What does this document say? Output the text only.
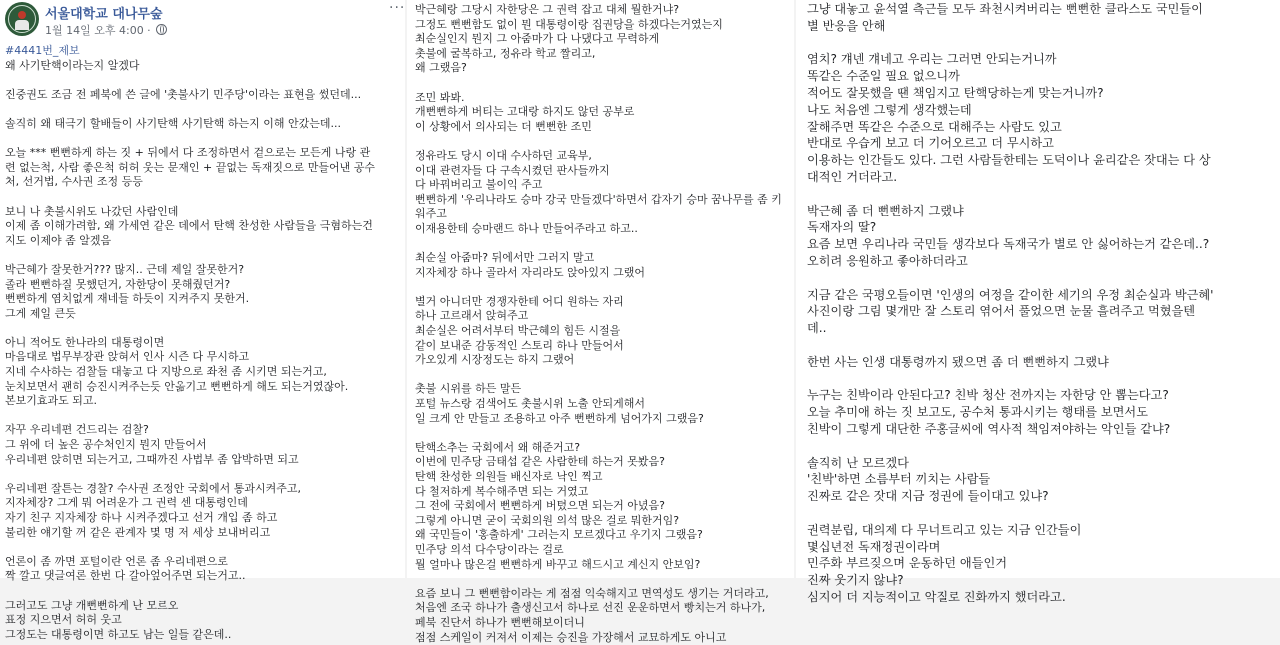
서울대학교 대나무숲
1월 14일 오후 4:00 ·
···
#4441번_제보
왜 사기탄핵이라는지 알겠다
진중권도 조금 전 페북에 쓴 글에 '촛불사기 민주당'이라는 표현을 썼던데...
솔직히 왜 태극기 할배들이 사기탄핵 사기탄핵 하는지 이해 안갔는데...
오늘 *** 뻔뻔하게 하는 짓 + 뒤에서 다 조정하면서 겉으로는 모든게 나랑 관
련 없는척, 사람 좋은척 허허 웃는 문재인 + 끝없는 독재짓으로 만들어낸 공수
처, 선거법, 수사권 조정 등등
보니 나 촛불시위도 나갔던 사람인데
이제 좀 이해가려함, 왜 가세연 같은 데에서 탄핵 찬성한 사람들을 극혐하는건
지도 이제야 좀 알겠음
박근혜가 잘못한거??? 많지.. 근데 제일 잘못한거?
졸라 뻔뻔하질 못했던거, 자한당이 못해줬던거?
뻔뻔하게 염치없게 재네들 하듯이 지켜주지 못한거.
그게 제일 큰듯
아니 적어도 한나라의 대통령이면
마음대로 법무부장관 앉혀서 인사 시즌 다 무시하고
지네 수사하는 검찰들 대놓고 다 지방으로 좌천 좀 시키면 되는거고,
눈치보면서 괜히 승진시켜주는듯 안옮기고 뻔뻔하게 해도 되는거였잖아.
본보기효과도 되고.
자꾸 우리네편 건드리는 검찰?
그 위에 더 높은 공수처인지 뭔지 만들어서
우리네편 앉히면 되는거고, 그때까진 사법부 좀 압박하면 되고
우리네편 잘튼는 경찰? 수사권 조정안 국회에서 통과시켜주고,
지자체장? 그게 뭐 어려운가 그 권력 센 대통령인데
자기 친구 지자체장 하나 시켜주겠다고 선거 개입 좀 하고
불리한 얘기할 꺼 같은 관계자 몇 명 저 세상 보내버리고
언론이 좀 까면 포털이란 언론 좀 우리네편으로
짝 깔고 댓글여론 한번 다 갈아엎어주면 되는거고..
그러고도 그냥 개뻔뻔하게 난 모르오
표정 지으면서 허허 웃고
그정도는 대통령이면 하고도 남는 일들 같은데..
박근혜랑 그당시 자한당은 그 권력 잡고 대체 뭘한거냐?
그정도 뻔뻔함도 없이 뭔 대통령이랑 집권당을 하겠다는거였는지
최순실인지 뭔지 그 아줌마가 다 나댔다고 무력하게
촛불에 굴복하고, 정유라 학교 짤리고,
왜 그랬음?
조민 봐봐.
개뻔뻔하게 버티는 고대랑 하지도 않던 공부로
이 상황에서 의사되는 더 뻔뻔한 조민
정유라도 당시 이대 수사하던 교육부,
이대 관련자들 다 구속시켰던 판사들까지
다 바꿔버리고 불이익 주고
뻔뻔하게 '우리나라도 승마 강국 만들겠다'하면서 갑자기 승마 꿈나무를 좀 키
워주고
이재용한테 승마랜드 하나 만들어주라고 하고..
최순실 아줌마? 뒤에서만 그러지 말고
지자체장 하나 골라서 자리라도 앉아있지 그랬어
별거 아니더만 경쟁자한테 어디 원하는 자리
하나 고르래서 앉혀주고
최순실은 어려서부터 박근혜의 힘든 시절을
같이 보내준 감동적인 스토리 하나 만들어서
가오있게 시장정도는 하지 그랬어
촛불 시위를 하든 말든
포털 뉴스랑 검색어도 촛불시위 노출 안되게해서
일 크게 안 만들고 조용하고 아주 뻔뻔하게 넘어가지 그랬음?
탄핵소추는 국회에서 왜 해준거고?
이번에 민주당 금태섭 같은 사람한테 하는거 못봤음?
탄핵 찬성한 의원들 배신자로 낙인 찍고
다 철저하게 복수해주면 되는 거였고
그 전에 국회에서 뻔뻔하게 버텼으면 되는거 아녔음?
그렇게 아니면 굳이 국회의원 의석 많은 걸로 뭐한거임?
왜 국민들이 '홍출하게' 그러는지 모르겠다고 우기지 그랬음?
민주당 의석 다수당이라는 걸로
뭘 얼마나 많은걸 뻔뻔하게 바꾸고 해드시고 계신지 안보임?
요즘 보니 그 뻔뻔함이라는 게 점점 익숙해지고 면역성도 생기는 거더라고,
처음엔 조국 하나가 출생신고서 하나로 선진 운운하면서 빵치는거 하나가,
페북 진단서 하나가 뻔뻔해보이더니
점점 스케일이 커져서 이제는 승진을 가장해서 교묘하게도 아니고
그냥 대놓고 윤석열 측근들 모두 좌천시켜버리는 뻔뻔한 클라스도 국민들이
별 반응을 안해
염치? 걔넨 걔네고 우리는 그러면 안되는거니까
똑같은 수준일 필요 없으니까
적어도 잘못했을 땐 책임지고 탄핵당하는게 맞는거니까?
나도 처음엔 그렇게 생각했는데
잘해주면 똑같은 수준으로 대해주는 사람도 있고
반대로 우습게 보고 더 기어오르고 더 무시하고
이용하는 인간들도 있다. 그런 사람들한테는 도덕이나 윤리같은 잣대는 다 상
대적인 거더라고.
박근혜 좀 더 뻔뻔하지 그랬냐
독재자의 딸?
요즘 보면 우리나라 국민들 생각보다 독재국가 별로 안 싫어하는거 같은데..?
오히려 응원하고 좋아하더라고
지금 같은 국평오들이면 '인생의 여정을 같이한 세기의 우정 최순실과 박근혜'
사진이랑 그림 몇개만 잘 스토리 엮어서 풀었으면 눈물 흘려주고 먹혔을텐
데..
한번 사는 인생 대통령까지 됐으면 좀 더 뻔뻔하지 그랬냐
누구는 친박이라 안된다고? 친박 청산 전까지는 자한당 안 뽑는다고?
오늘 추미애 하는 짓 보고도, 공수처 통과시키는 행태를 보면서도
친박이 그렇게 대단한 주홍글씨에 역사적 책임져야하는 악인들 같냐?
솔직히 난 모르겠다
'친박'하면 소름부터 끼치는 사람들
진짜로 같은 잣대 지금 정권에 들이대고 있냐?
권력분립, 대의제 다 무너트리고 있는 지금 인간들이
몇십년전 독재정권이라며
민주화 부르짖으며 운동하던 애들인거
진짜 웃기지 않냐?
심지어 더 지능적이고 악질로 진화까지 했더라고.
